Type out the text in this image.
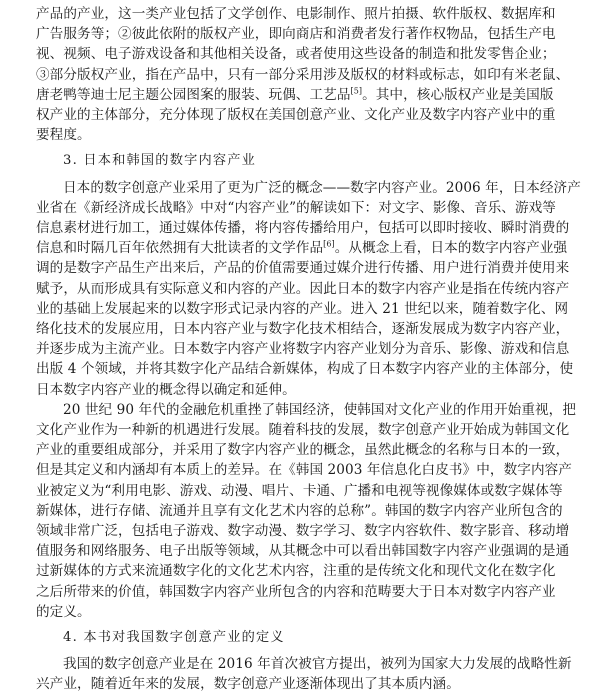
产品的产业，这一类产业包括了文学创作、电影制作、照片拍摄、软件版权、数据库和
广告服务等；②彼此依附的版权产业，即向商店和消费者发行著作权物品，包括生产电
视、视频、电子游戏设备和其他相关设备，或者使用这些设备的制造和批发零售企业；
③部分版权产业，指在产品中，只有一部分采用涉及版权的材料或标志，如印有米老鼠、
唐老鸭等迪士尼主题公园图案的服装、玩偶、工艺品[5]。其中，核心版权产业是美国版
权产业的主体部分，充分体现了版权在美国创意产业、文化产业及数字内容产业中的重
要程度。
3. 日本和韩国的数字内容产业
日本的数字创意产业采用了更为广泛的概念——数字内容产业。2006 年，日本经济产
业省在《新经济成长战略》中对“内容产业”的解读如下：对文字、影像、音乐、游戏等
信息素材进行加工，通过媒体传播，将内容传播给用户，包括可以即时接收、瞬时消费的
信息和时隔几百年依然拥有大批读者的文学作品[6]。从概念上看，日本的数字内容产业强
调的是数字产品生产出来后，产品的价值需要通过媒介进行传播、用户进行消费并使用来
赋予，从而形成具有实际意义和内容的产业。因此日本的数字内容产业是指在传统内容产
业的基础上发展起来的以数字形式记录内容的产业。进入 21 世纪以来，随着数字化、网
络化技术的发展应用，日本内容产业与数字化技术相结合，逐渐发展成为数字内容产业，
并逐步成为主流产业。日本数字内容产业将数字内容产业划分为音乐、影像、游戏和信息
出版 4 个领域，并将其数字化产品结合新媒体，构成了日本数字内容产业的主体部分，使
日本数字内容产业的概念得以确定和延伸。
20 世纪 90 年代的金融危机重挫了韩国经济，使韩国对文化产业的作用开始重视，把
文化产业作为一种新的机遇进行发展。随着科技的发展，数字创意产业开始成为韩国文化
产业的重要组成部分，并采用了数字内容产业的概念，虽然此概念的名称与日本的一致，
但是其定义和内涵却有本质上的差异。在《韩国 2003 年信息化白皮书》中，数字内容产
业被定义为“利用电影、游戏、动漫、唱片、卡通、广播和电视等视像媒体或数字媒体等
新媒体，进行存储、流通并且享有文化艺术内容的总称”。韩国的数字内容产业所包含的
领域非常广泛，包括电子游戏、数字动漫、数字学习、数字内容软件、数字影音、移动增
值服务和网络服务、电子出版等领域，从其概念中可以看出韩国数字内容产业强调的是通
过新媒体的方式来流通数字化的文化艺术内容，注重的是传统文化和现代文化在数字化
之后所带来的价值，韩国数字内容产业所包含的内容和范畴要大于日本对数字内容产业
的定义。
4. 本书对我国数字创意产业的定义
我国的数字创意产业是在 2016 年首次被官方提出，被列为国家大力发展的战略性新
兴产业，随着近年来的发展，数字创意产业逐渐体现出了其本质内涵。
